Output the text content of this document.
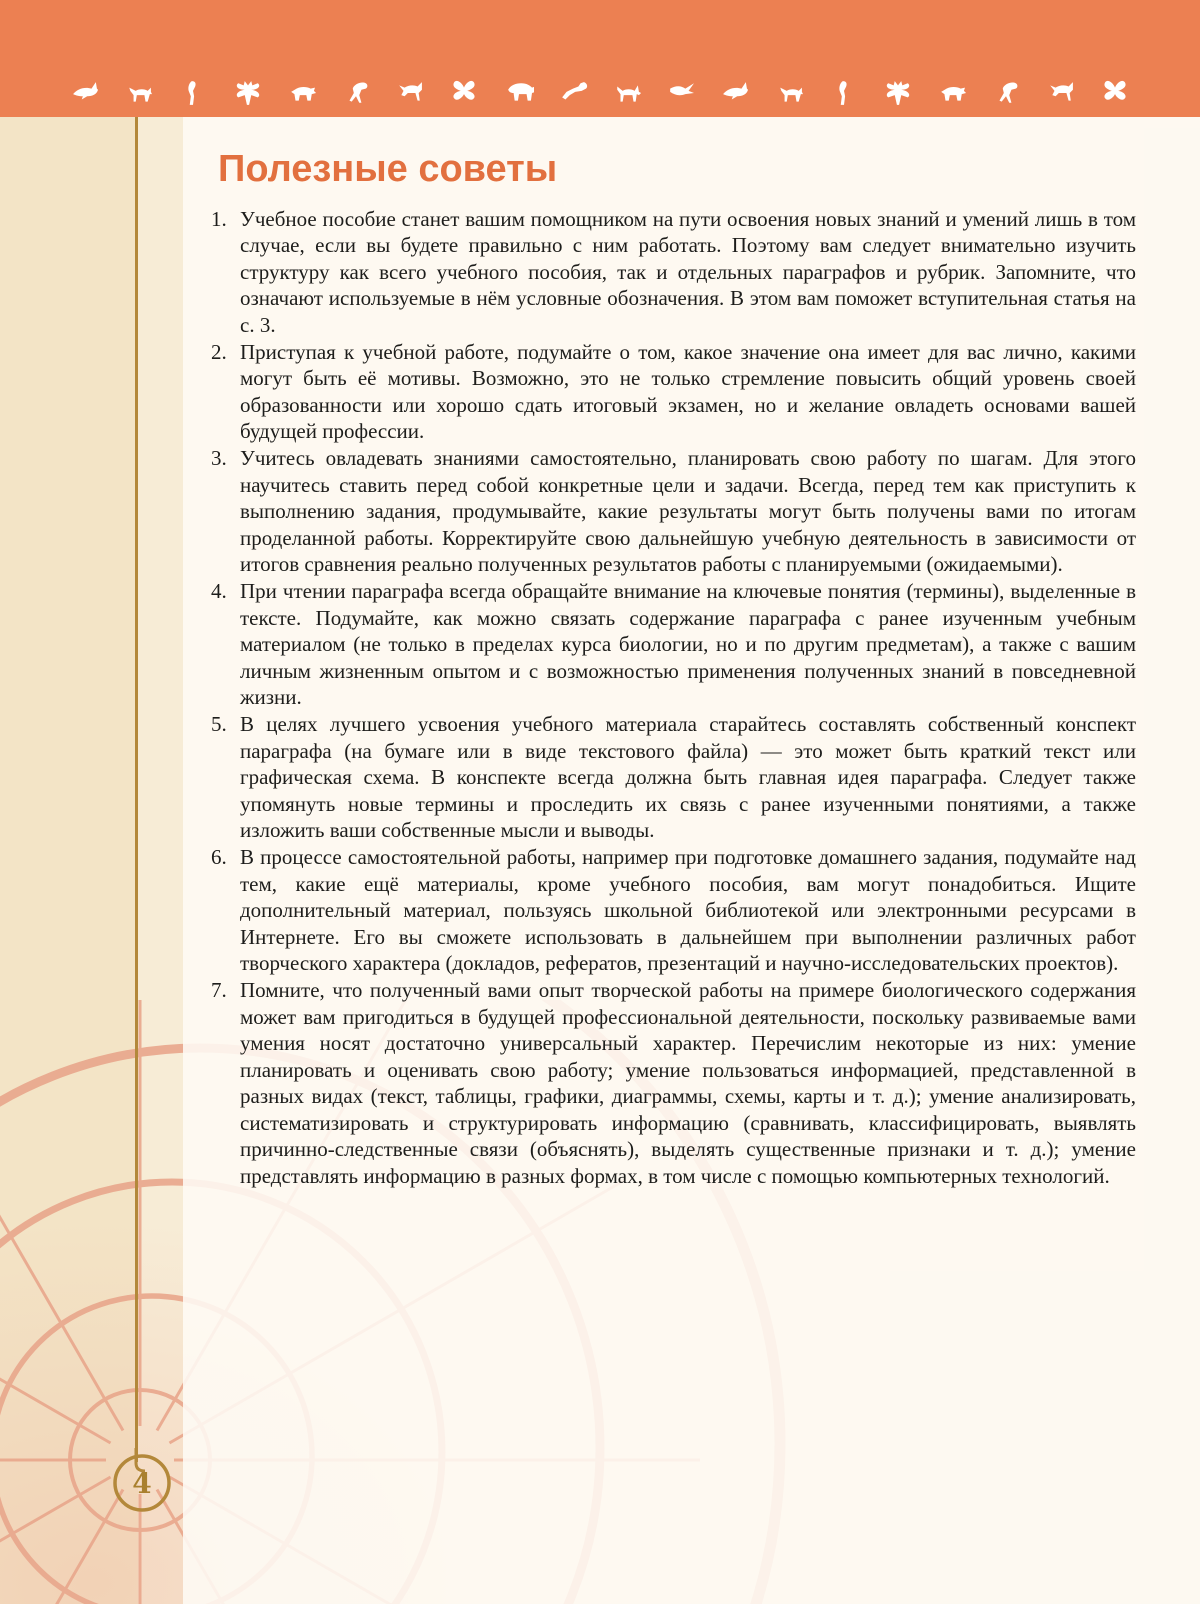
Полезные советы
1. Учебное пособие станет вашим помощником на пути освоения новых знаний и умений лишь в том случае, если вы будете правильно с ним работать. Поэтому вам следует внимательно изучить структуру как всего учебного пособия, так и отдельных параграфов и рубрик. Запомните, что означают используемые в нём условные обозначения. В этом вам поможет вступительная статья на с. 3.
2. Приступая к учебной работе, подумайте о том, какое значение она имеет для вас лично, какими могут быть её мотивы. Возможно, это не только стремление повысить общий уровень своей образованности или хорошо сдать итоговый экзамен, но и желание овладеть основами вашей будущей профессии.
3. Учитесь овладевать знаниями самостоятельно, планировать свою работу по шагам. Для этого научитесь ставить перед собой конкретные цели и задачи. Всегда, перед тем как приступить к выполнению задания, продумывайте, какие результаты могут быть получены вами по итогам проделанной работы. Корректируйте свою дальнейшую учебную деятельность в зависимости от итогов сравнения реально полученных результатов работы с планируемыми (ожидаемыми).
4. При чтении параграфа всегда обращайте внимание на ключевые понятия (термины), выделенные в тексте. Подумайте, как можно связать содержание параграфа с ранее изученным учебным материалом (не только в пределах курса биологии, но и по другим предметам), а также с вашим личным жизненным опытом и с возможностью применения полученных знаний в повседневной жизни.
5. В целях лучшего усвоения учебного материала старайтесь составлять собственный конспект параграфа (на бумаге или в виде текстового файла) — это может быть краткий текст или графическая схема. В конспекте всегда должна быть главная идея параграфа. Следует также упомянуть новые термины и проследить их связь с ранее изученными понятиями, а также изложить ваши собственные мысли и выводы.
6. В процессе самостоятельной работы, например при подготовке домашнего задания, подумайте над тем, какие ещё материалы, кроме учебного пособия, вам могут понадобиться. Ищите дополнительный материал, пользуясь школьной библиотекой или электронными ресурсами в Интернете. Его вы сможете использовать в дальнейшем при выполнении различных работ творческого характера (докладов, рефератов, презентаций и научно-исследовательских проектов).
7. Помните, что полученный вами опыт творческой работы на примере биологического содержания может вам пригодиться в будущей профессиональной деятельности, поскольку развиваемые вами умения носят достаточно универсальный характер. Перечислим некоторые из них: умение планировать и оценивать свою работу; умение пользоваться информацией, представленной в разных видах (текст, таблицы, графики, диаграммы, схемы, карты и т. д.); умение анализировать, систематизировать и структурировать информацию (сравнивать, классифицировать, выявлять причинно-следственные связи (объяснять), выделять существенные признаки и т. д.); умение представлять информацию в разных формах, в том числе с помощью компьютерных технологий.
4
